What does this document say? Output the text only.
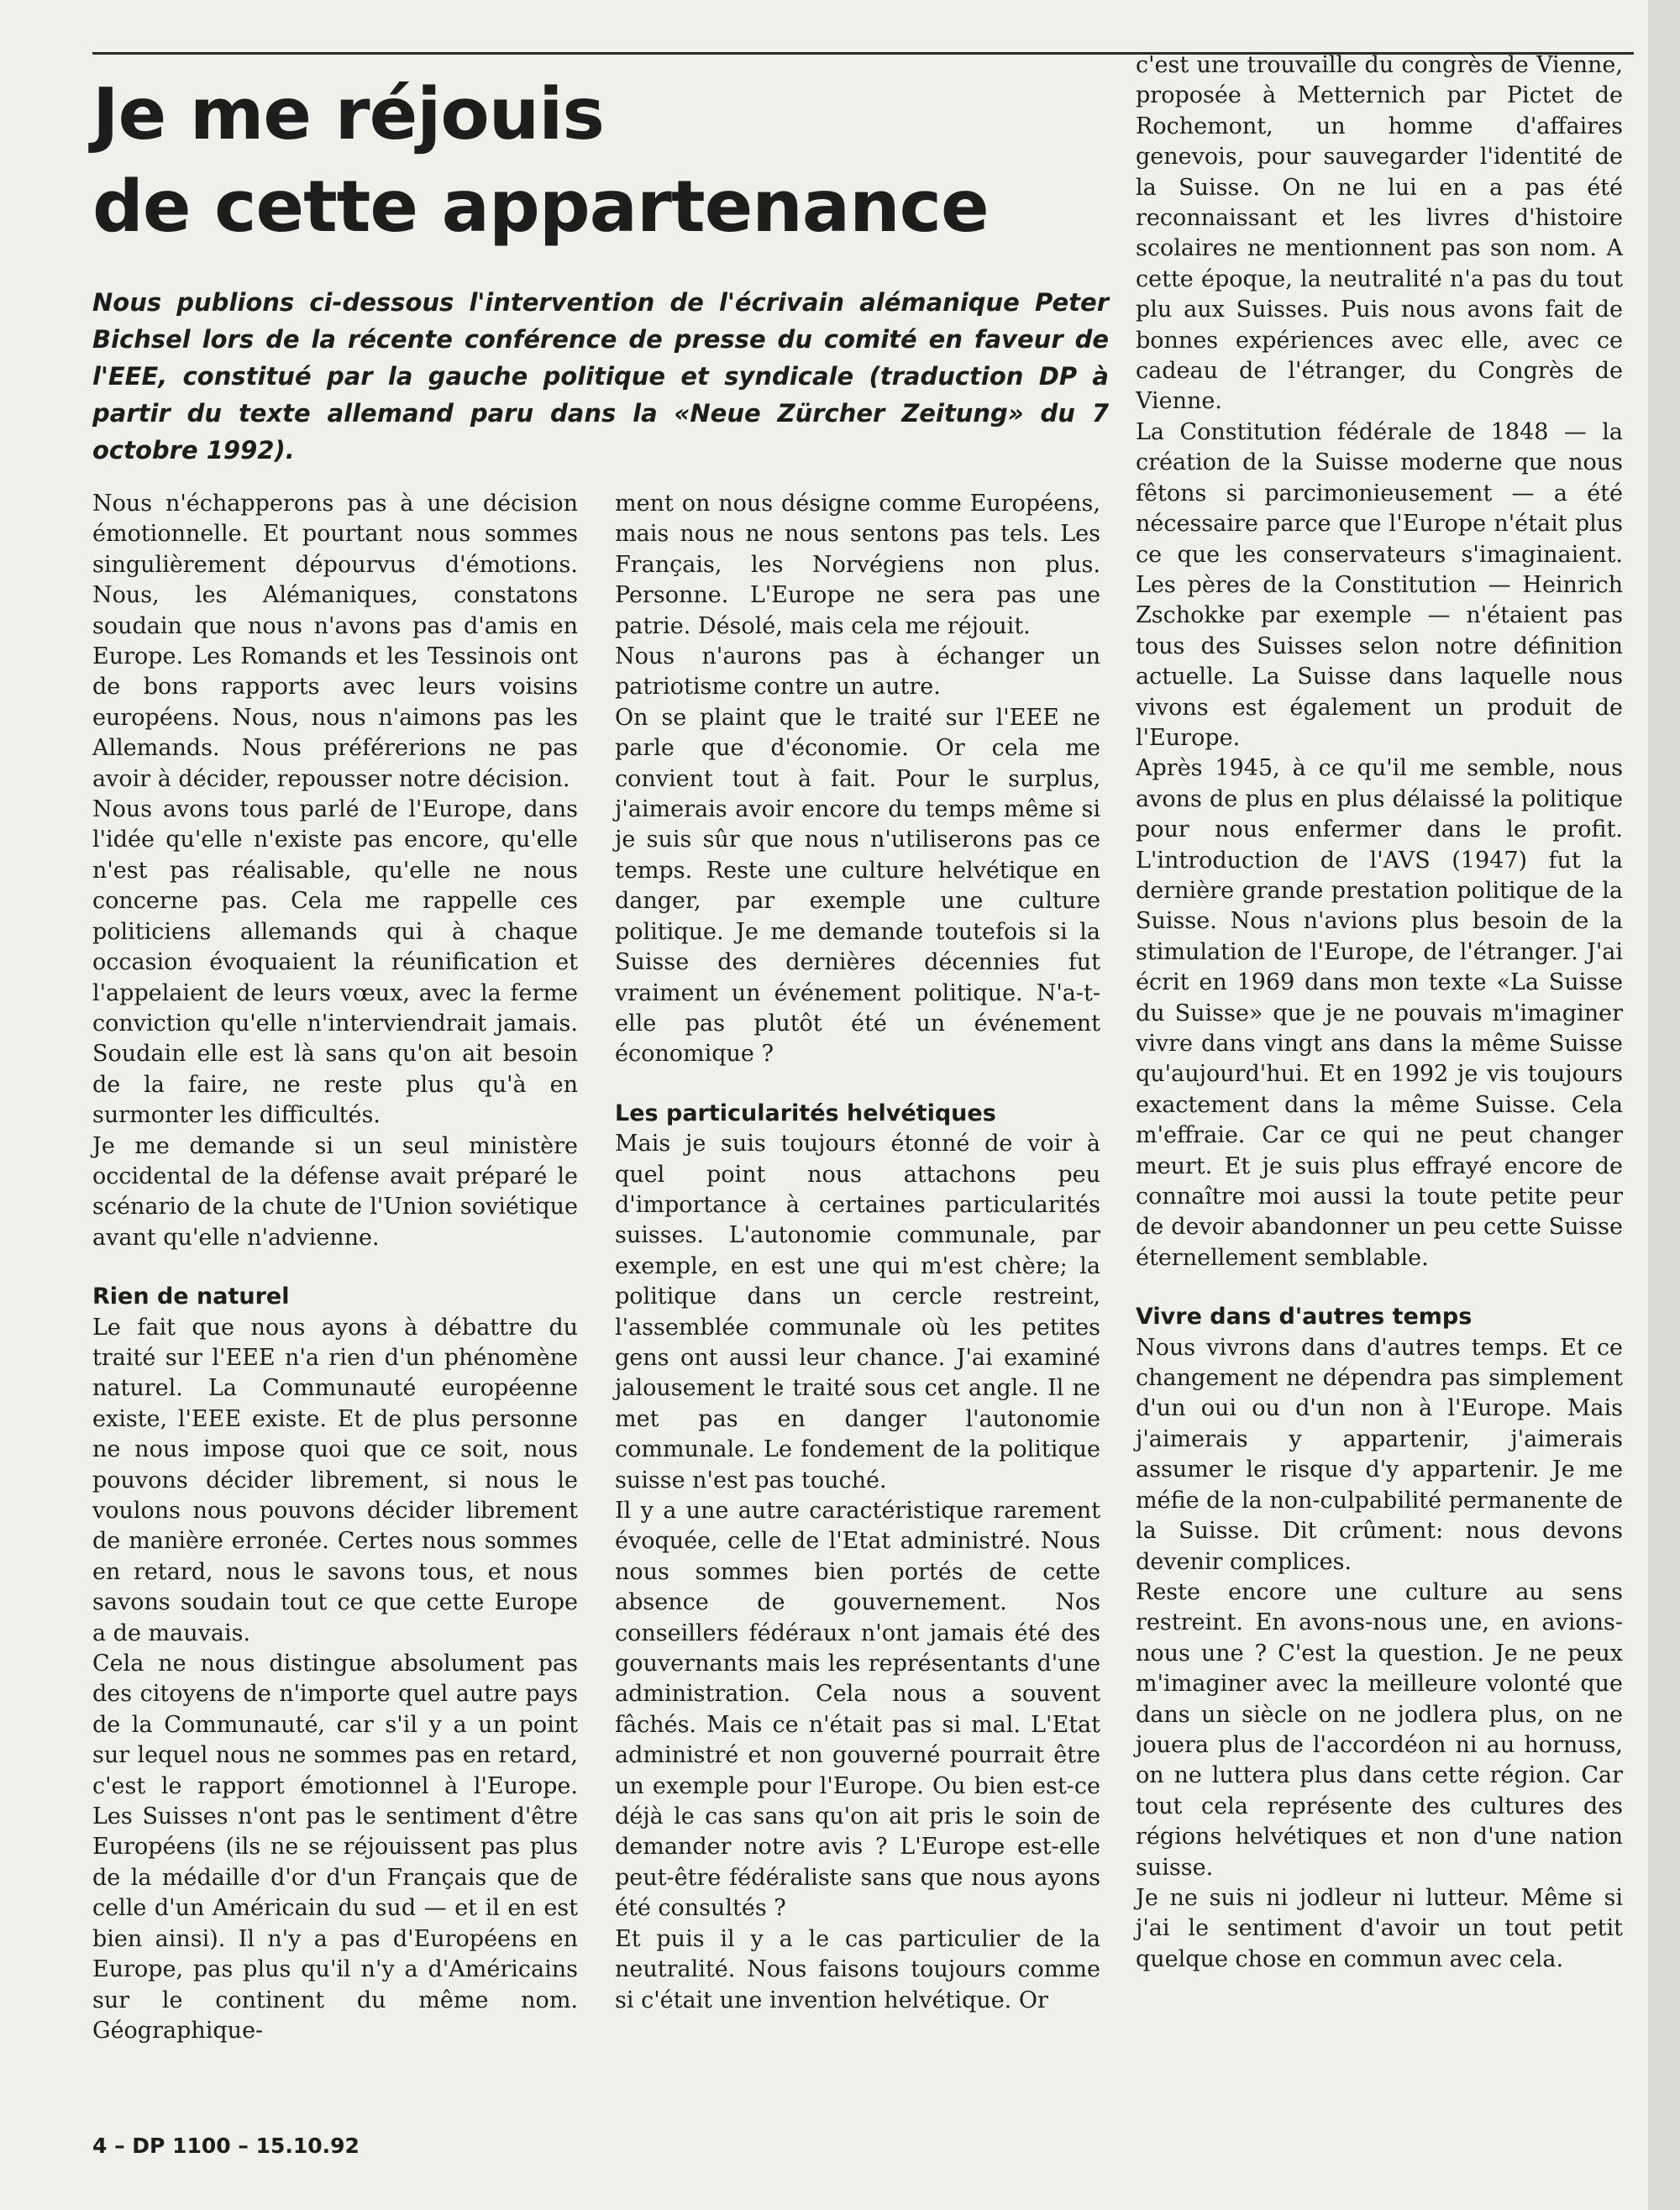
Je me réjouis
de cette appartenance

Nous publions ci-dessous l'intervention de l'écrivain alémanique Peter Bichsel lors de la récente conférence de presse du comité en faveur de l'EEE, constitué par la gauche politique et syndicale (traduction DP à partir du texte allemand paru dans la «Neue Zürcher Zeitung» du 7 octobre 1992).

Nous n'échapperons pas à une décision émotionnelle. Et pourtant nous sommes singulièrement dépourvus d'émotions. Nous, les Alémaniques, constatons soudain que nous n'avons pas d'amis en Europe. Les Romands et les Tessinois ont de bons rapports avec leurs voisins européens. Nous, nous n'aimons pas les Allemands. Nous préférerions ne pas avoir à décider, repousser notre décision.

Nous avons tous parlé de l'Europe, dans l'idée qu'elle n'existe pas encore, qu'elle n'est pas réalisable, qu'elle ne nous concerne pas. Cela me rappelle ces politiciens allemands qui à chaque occasion évoquaient la réunification et l'appelaient de leurs vœux, avec la ferme conviction qu'elle n'interviendrait jamais. Soudain elle est là sans qu'on ait besoin de la faire, ne reste plus qu'à en surmonter les difficultés.

Je me demande si un seul ministère occidental de la défense avait préparé le scénario de la chute de l'Union soviétique avant qu'elle n'advienne.

Rien de naturel

Le fait que nous ayons à débattre du traité sur l'EEE n'a rien d'un phénomène naturel. La Communauté européenne existe, l'EEE existe. Et de plus personne ne nous impose quoi que ce soit, nous pouvons décider librement, si nous le voulons nous pouvons décider librement de manière erronée. Certes nous sommes en retard, nous le savons tous, et nous savons soudain tout ce que cette Europe a de mauvais.

Cela ne nous distingue absolument pas des citoyens de n'importe quel autre pays de la Communauté, car s'il y a un point sur lequel nous ne sommes pas en retard, c'est le rapport émotionnel à l'Europe. Les Suisses n'ont pas le sentiment d'être Européens (ils ne se réjouissent pas plus de la médaille d'or d'un Français que de celle d'un Américain du sud — et il en est bien ainsi). Il n'y a pas d'Européens en Europe, pas plus qu'il n'y a d'Américains sur le continent du même nom. Géographique-

ment on nous désigne comme Européens, mais nous ne nous sentons pas tels. Les Français, les Norvégiens non plus. Personne. L'Europe ne sera pas une patrie. Désolé, mais cela me réjouit.

Nous n'aurons pas à échanger un patriotisme contre un autre.

On se plaint que le traité sur l'EEE ne parle que d'économie. Or cela me convient tout à fait. Pour le surplus, j'aimerais avoir encore du temps même si je suis sûr que nous n'utiliserons pas ce temps. Reste une culture helvétique en danger, par exemple une culture politique. Je me demande toutefois si la Suisse des dernières décennies fut vraiment un événement politique. N'a-t-elle pas plutôt été un événement économique ?

Les particularités helvétiques

Mais je suis toujours étonné de voir à quel point nous attachons peu d'importance à certaines particularités suisses. L'autonomie communale, par exemple, en est une qui m'est chère; la politique dans un cercle restreint, l'assemblée communale où les petites gens ont aussi leur chance. J'ai examiné jalousement le traité sous cet angle. Il ne met pas en danger l'autonomie communale. Le fondement de la politique suisse n'est pas touché.

Il y a une autre caractéristique rarement évoquée, celle de l'Etat administré. Nous nous sommes bien portés de cette absence de gouvernement. Nos conseillers fédéraux n'ont jamais été des gouvernants mais les représentants d'une administration. Cela nous a souvent fâchés. Mais ce n'était pas si mal. L'Etat administré et non gouverné pourrait être un exemple pour l'Europe. Ou bien est-ce déjà le cas sans qu'on ait pris le soin de demander notre avis ? L'Europe est-elle peut-être fédéraliste sans que nous ayons été consultés ?

Et puis il y a le cas particulier de la neutralité. Nous faisons toujours comme si c'était une invention helvétique. Or

c'est une trouvaille du congrès de Vienne, proposée à Metternich par Pictet de Rochemont, un homme d'affaires genevois, pour sauvegarder l'identité de la Suisse. On ne lui en a pas été reconnaissant et les livres d'histoire scolaires ne mentionnent pas son nom. A cette époque, la neutralité n'a pas du tout plu aux Suisses. Puis nous avons fait de bonnes expériences avec elle, avec ce cadeau de l'étranger, du Congrès de Vienne.

La Constitution fédérale de 1848 — la création de la Suisse moderne que nous fêtons si parcimonieusement — a été nécessaire parce que l'Europe n'était plus ce que les conservateurs s'imaginaient. Les pères de la Constitution — Heinrich Zschokke par exemple — n'étaient pas tous des Suisses selon notre définition actuelle. La Suisse dans laquelle nous vivons est également un produit de l'Europe.

Après 1945, à ce qu'il me semble, nous avons de plus en plus délaissé la politique pour nous enfermer dans le profit. L'introduction de l'AVS (1947) fut la dernière grande prestation politique de la Suisse. Nous n'avions plus besoin de la stimulation de l'Europe, de l'étranger. J'ai écrit en 1969 dans mon texte «La Suisse du Suisse» que je ne pouvais m'imaginer vivre dans vingt ans dans la même Suisse qu'aujourd'hui. Et en 1992 je vis toujours exactement dans la même Suisse. Cela m'effraie. Car ce qui ne peut changer meurt. Et je suis plus effrayé encore de connaître moi aussi la toute petite peur de devoir abandonner un peu cette Suisse éternellement semblable.

Vivre dans d'autres temps

Nous vivrons dans d'autres temps. Et ce changement ne dépendra pas simplement d'un oui ou d'un non à l'Europe. Mais j'aimerais y appartenir, j'aimerais assumer le risque d'y appartenir. Je me méfie de la non-culpabilité permanente de la Suisse. Dit crûment: nous devons devenir complices.

Reste encore une culture au sens restreint. En avons-nous une, en avions-nous une ? C'est la question. Je ne peux m'imaginer avec la meilleure volonté que dans un siècle on ne jodlera plus, on ne jouera plus de l'accordéon ni au hornuss, on ne luttera plus dans cette région. Car tout cela représente des cultures des régions helvétiques et non d'une nation suisse.

Je ne suis ni jodleur ni lutteur. Même si j'ai le sentiment d'avoir un tout petit quelque chose en commun avec cela.

4 – DP 1100 – 15.10.92
